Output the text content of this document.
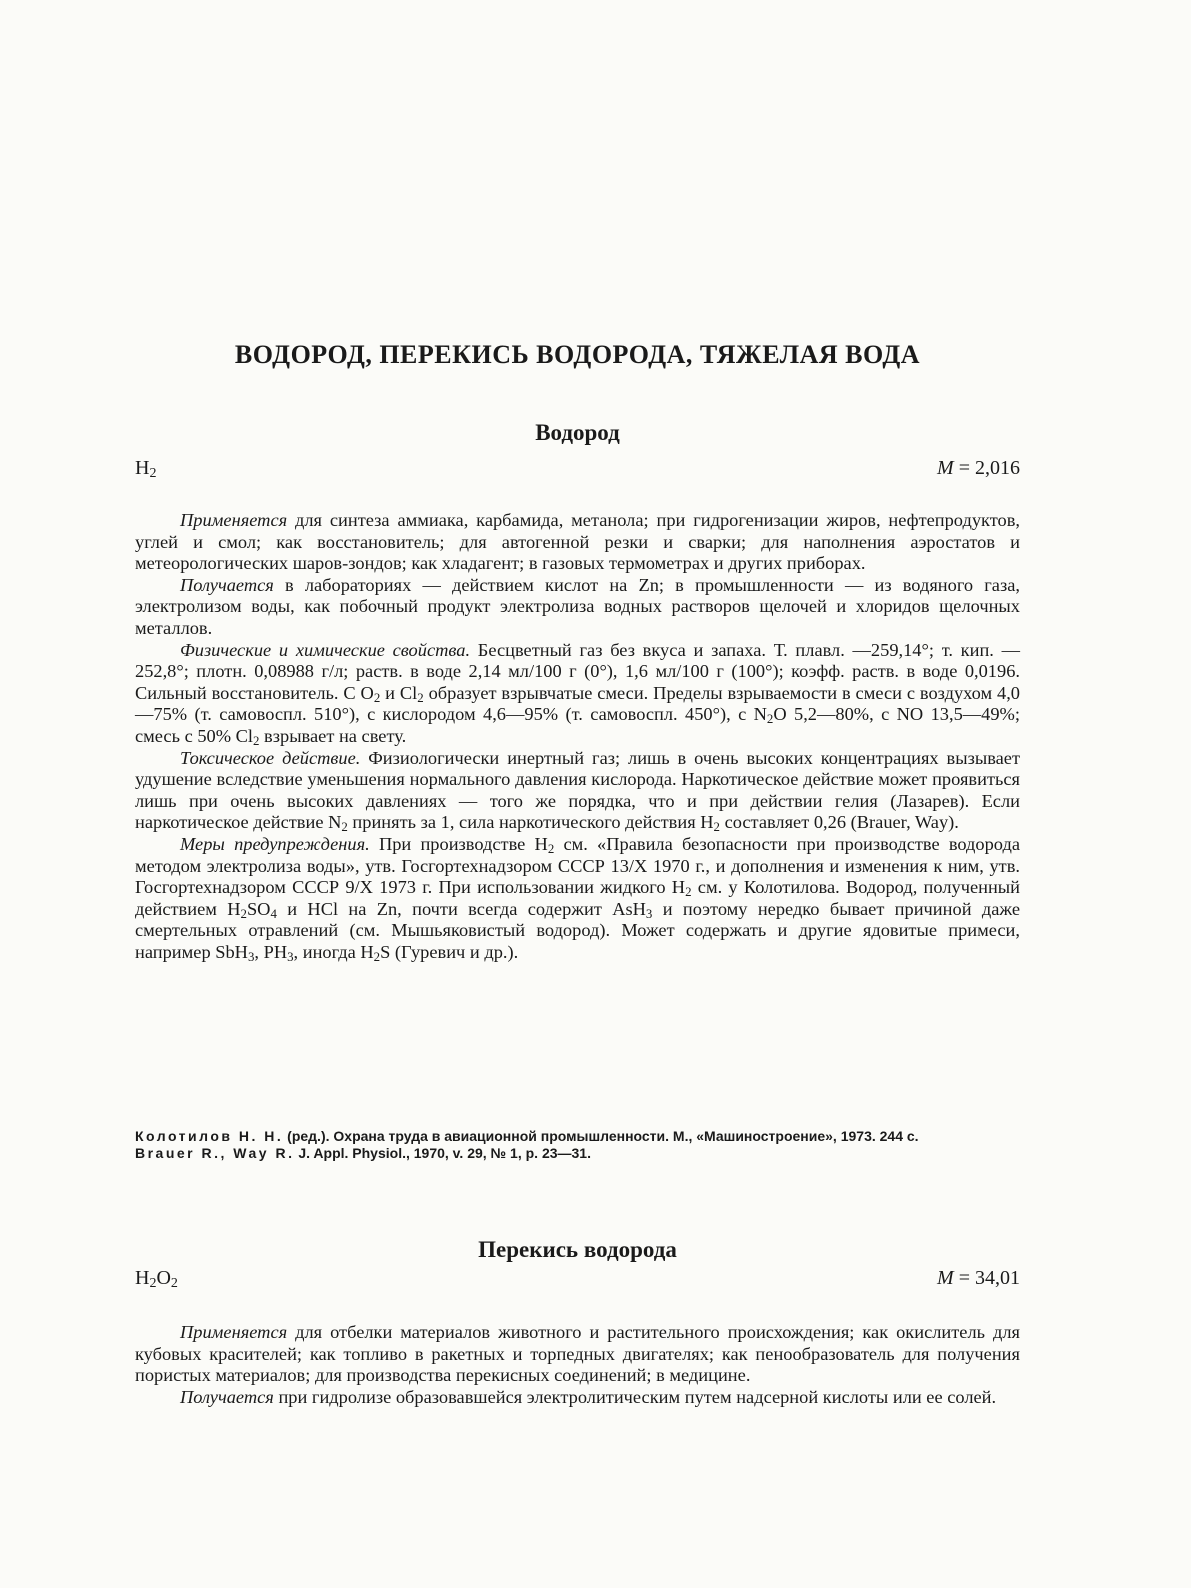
ВОДОРОД, ПЕРЕКИСЬ ВОДОРОДА, ТЯЖЕЛАЯ ВОДА
Водород
$H_2$	M = 2,016

Применяется для синтеза аммиака, карбамида, метанола; при гидрогенизации жиров, нефтепродуктов, углей и смол; как восстановитель; для автогенной резки и сварки; для наполнения аэростатов и метеорологических шаров-зондов; как хладагент; в газовых термометрах и других приборах.

Получается в лабораториях — действием кислот на Zn; в промышленности — из водяного газа, электролизом воды, как побочный продукт электролиза водных растворов щелочей и хлоридов щелочных металлов.

Физические и химические свойства. Бесцветный газ без вкуса и запаха. Т. плавл. —259,14°; т. кип. —252,8°; плотн. 0,08988 г/л; раств. в воде 2,14 мл/100 г (0°), 1,6 мл/100 г (100°); коэфф. раств. в воде 0,0196. Сильный восстановитель. С $O_2$ и $Cl_2$ образует взрывчатые смеси. Пределы взрываемости в смеси с воздухом 4,0—75% (т. самовоспл. 510°), с кислородом 4,6—95% (т. самовоспл. 450°), с $N_2O$ 5,2—80%, с NO 13,5—49%; смесь с 50% $Cl_2$ взрывает на свету.

Токсическое действие. Физиологически инертный газ; лишь в очень высоких концентрациях вызывает удушение вследствие уменьшения нормального давления кислорода. Наркотическое действие может проявиться лишь при очень высоких давлениях — того же порядка, что и при действии гелия (Лазарев). Если наркотическое действие $N_2$ принять за 1, сила наркотического действия $H_2$ составляет 0,26 (Brauer, Way).

Меры предупреждения. При производстве $H_2$ см. «Правила безопасности при производстве водорода методом электролиза воды», утв. Госгортехнадзором СССР 13/X 1970 г., и дополнения и изменения к ним, утв. Госгортехнадзором СССР 9/X 1973 г. При использовании жидкого $H_2$ см. у Колотилова. Водород, полученный действием $H_2SO_4$ и HCl на Zn, почти всегда содержит AsH$_3$ и поэтому нередко бывает причиной даже смертельных отравлений (см. Мышьяковистый водород). Может содержать и другие ядовитые примеси, например SbH$_3$, $PH_3$, иногда $H_2S$ (Гуревич и др.).

Колотилов Н. Н. (ред.). Охрана труда в авиационной промышленности. М., «Машиностроение», 1973. 244 с.

Brauer R., Way R. J. Appl. Physiol., 1970, v. 29, № 1, p. 23—31.

Перекись водорода
$H_2O_2$	M = 34,01

Применяется для отбелки материалов животного и растительного происхождения; как окислитель для кубовых красителей; как топливо в ракетных и торпедных двигателях; как пенообразователь для получения пористых материалов; для производства перекисных соединений; в медицине.

Получается при гидролизе образовавшейся электролитическим путем надсерной кислоты или ее солей.
